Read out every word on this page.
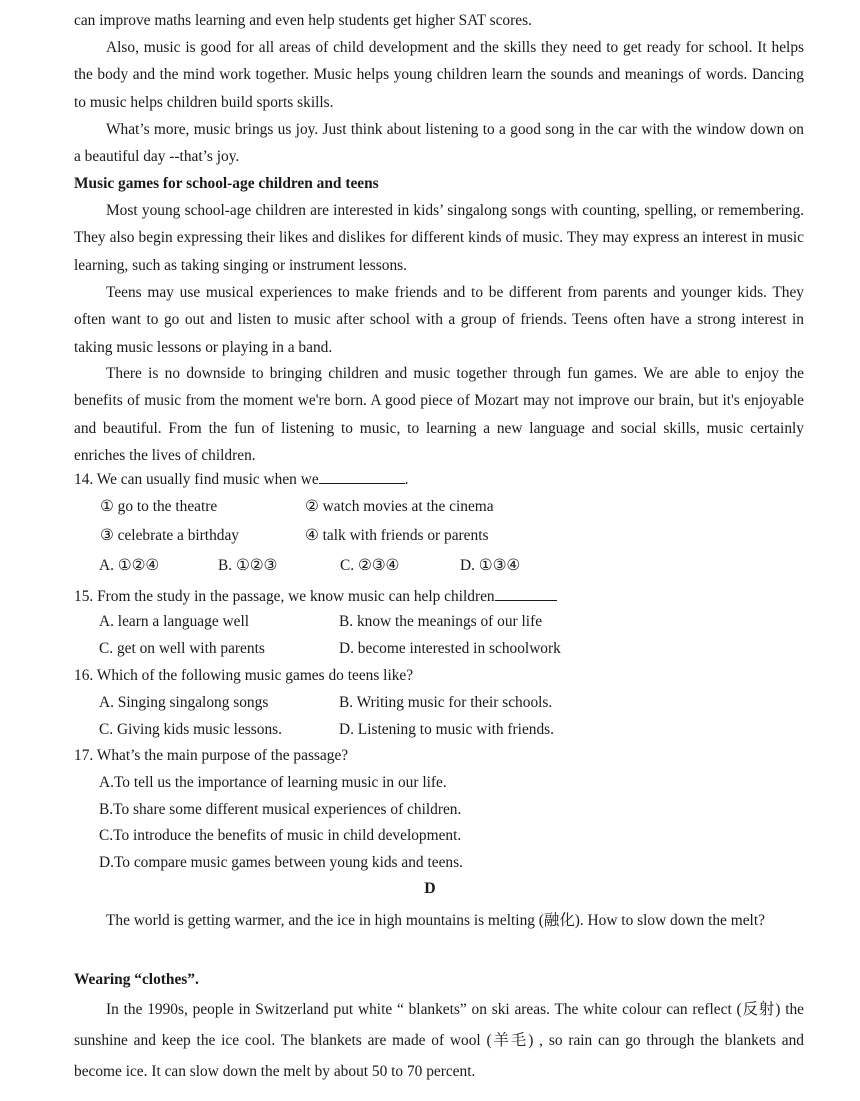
can improve maths learning and even help students get higher SAT scores.

Also, music is good for all areas of child development and the skills they need to get ready for school. It helps the body and the mind work together. Music helps young children learn the sounds and meanings of words. Dancing to music helps children build sports skills.

What’s more, music brings us joy. Just think about listening to a good song in the car with the window down on a beautiful day --that’s joy.

Music games for school-age children and teens

Most young school-age children are interested in kids’ singalong songs with counting, spelling, or remembering. They also begin expressing their likes and dislikes for different kinds of music. They may express an interest in music learning, such as taking singing or instrument lessons.

Teens may use musical experiences to make friends and to be different from parents and younger kids. They often want to go out and listen to music after school with a group of friends. Teens often have a strong interest in taking music lessons or playing in a band.

There is no downside to bringing children and music together through fun games. We are able to enjoy the benefits of music from the moment we're born. A good piece of Mozart may not improve our brain, but it's enjoyable and beautiful. From the fun of listening to music, to learning a new language and social skills, music certainly enriches the lives of children.

14. We can usually find music when we	.
① go to the theatre	② watch movies at the cinema
③ celebrate a birthday	④ talk with friends or parents
A. ①②④	B. ①②③	C. ②③④	D. ①③④
15. From the study in the passage, we know music can help children
A. learn a language well	B. know the meanings of our life
C. get on well with parents	D. become interested in schoolwork
16. Which of the following music games do teens like?
A. Singing singalong songs	B. Writing music for their schools.
C. Giving kids music lessons.	D. Listening to music with friends.
17. What’s the main purpose of the passage?
A.To tell us the importance of learning music in our life.
B.To share some different musical experiences of children.
C.To introduce the benefits of music in child development.
D.To compare music games between young kids and teens.
D

The world is getting warmer, and the ice in high mountains is melting (融化). How to slow down the melt?

Wearing “clothes”.

In the 1990s, people in Switzerland put white “ blankets” on ski areas. The white colour can reflect (反射) the sunshine and keep the ice cool. The blankets are made of wool (羊毛) , so rain can go through the blankets and become ice. It can slow down the melt by about 50 to 70 percent.
